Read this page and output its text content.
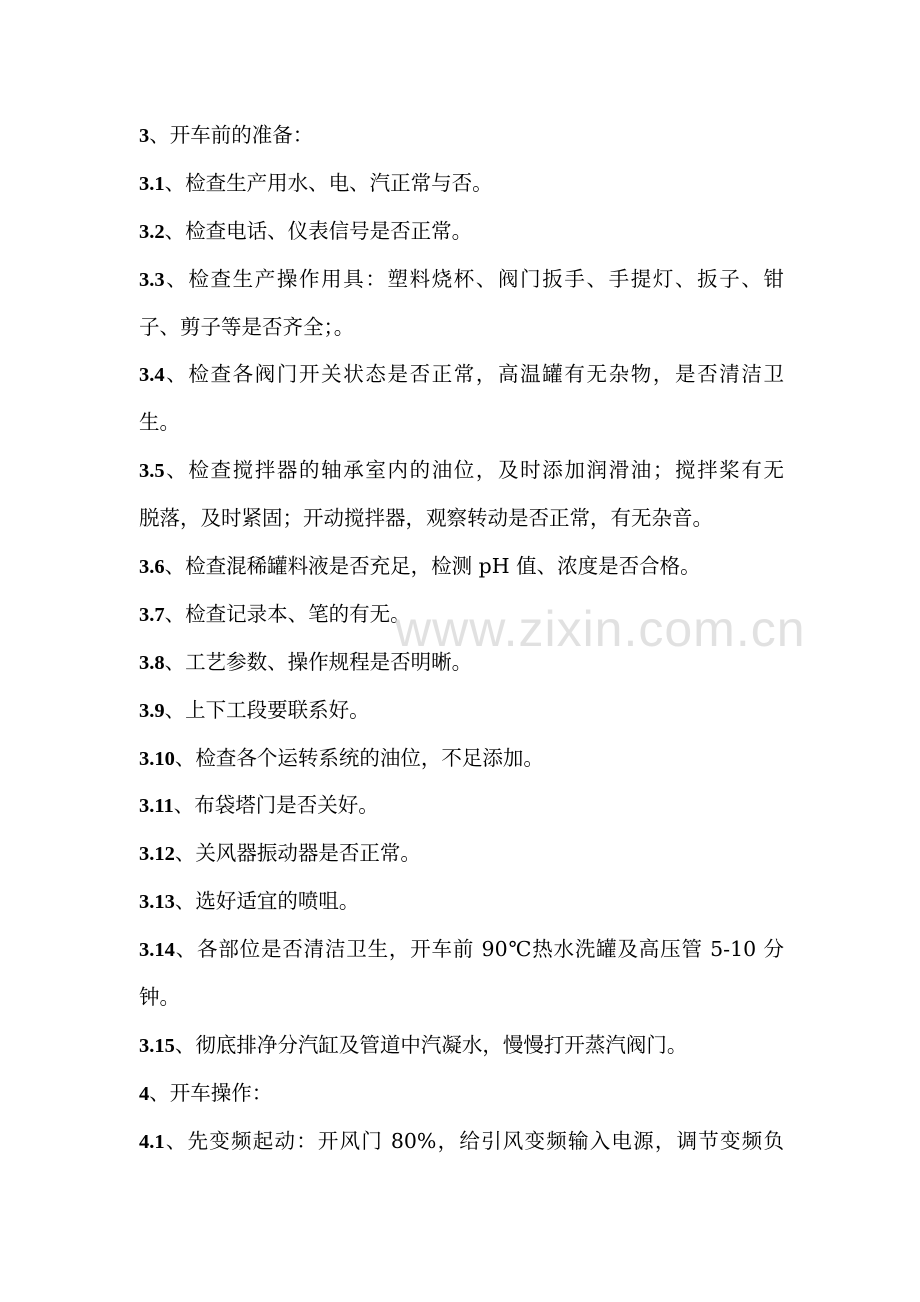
3、开车前的准备：
3.1、检查生产用水、电、汽正常与否。
3.2、检查电话、仪表信号是否正常。
3.3、检查生产操作用具：塑料烧杯、阀门扳手、手提灯、扳子、钳
子、剪子等是否齐全；。
3.4、检查各阀门开关状态是否正常，高温罐有无杂物，是否清洁卫
生。
3.5、检查搅拌器的轴承室内的油位，及时添加润滑油；搅拌桨有无
脱落，及时紧固；开动搅拌器，观察转动是否正常，有无杂音。
3.6、检查混稀罐料液是否充足，检测 pH 值、浓度是否合格。
3.7、检查记录本、笔的有无。
3.8、工艺参数、操作规程是否明晰。
3.9、上下工段要联系好。
3.10、检查各个运转系统的油位，不足添加。
3.11、布袋塔门是否关好。
3.12、关风器振动器是否正常。
3.13、选好适宜的喷咀。
3.14、各部位是否清洁卫生，开车前 90℃热水洗罐及高压管 5-10 分
钟。
3.15、彻底排净分汽缸及管道中汽凝水，慢慢打开蒸汽阀门。
4、开车操作：
4.1、先变频起动：开风门 80%，给引风变频输入电源，调节变频负
www.zixin.com.cn
